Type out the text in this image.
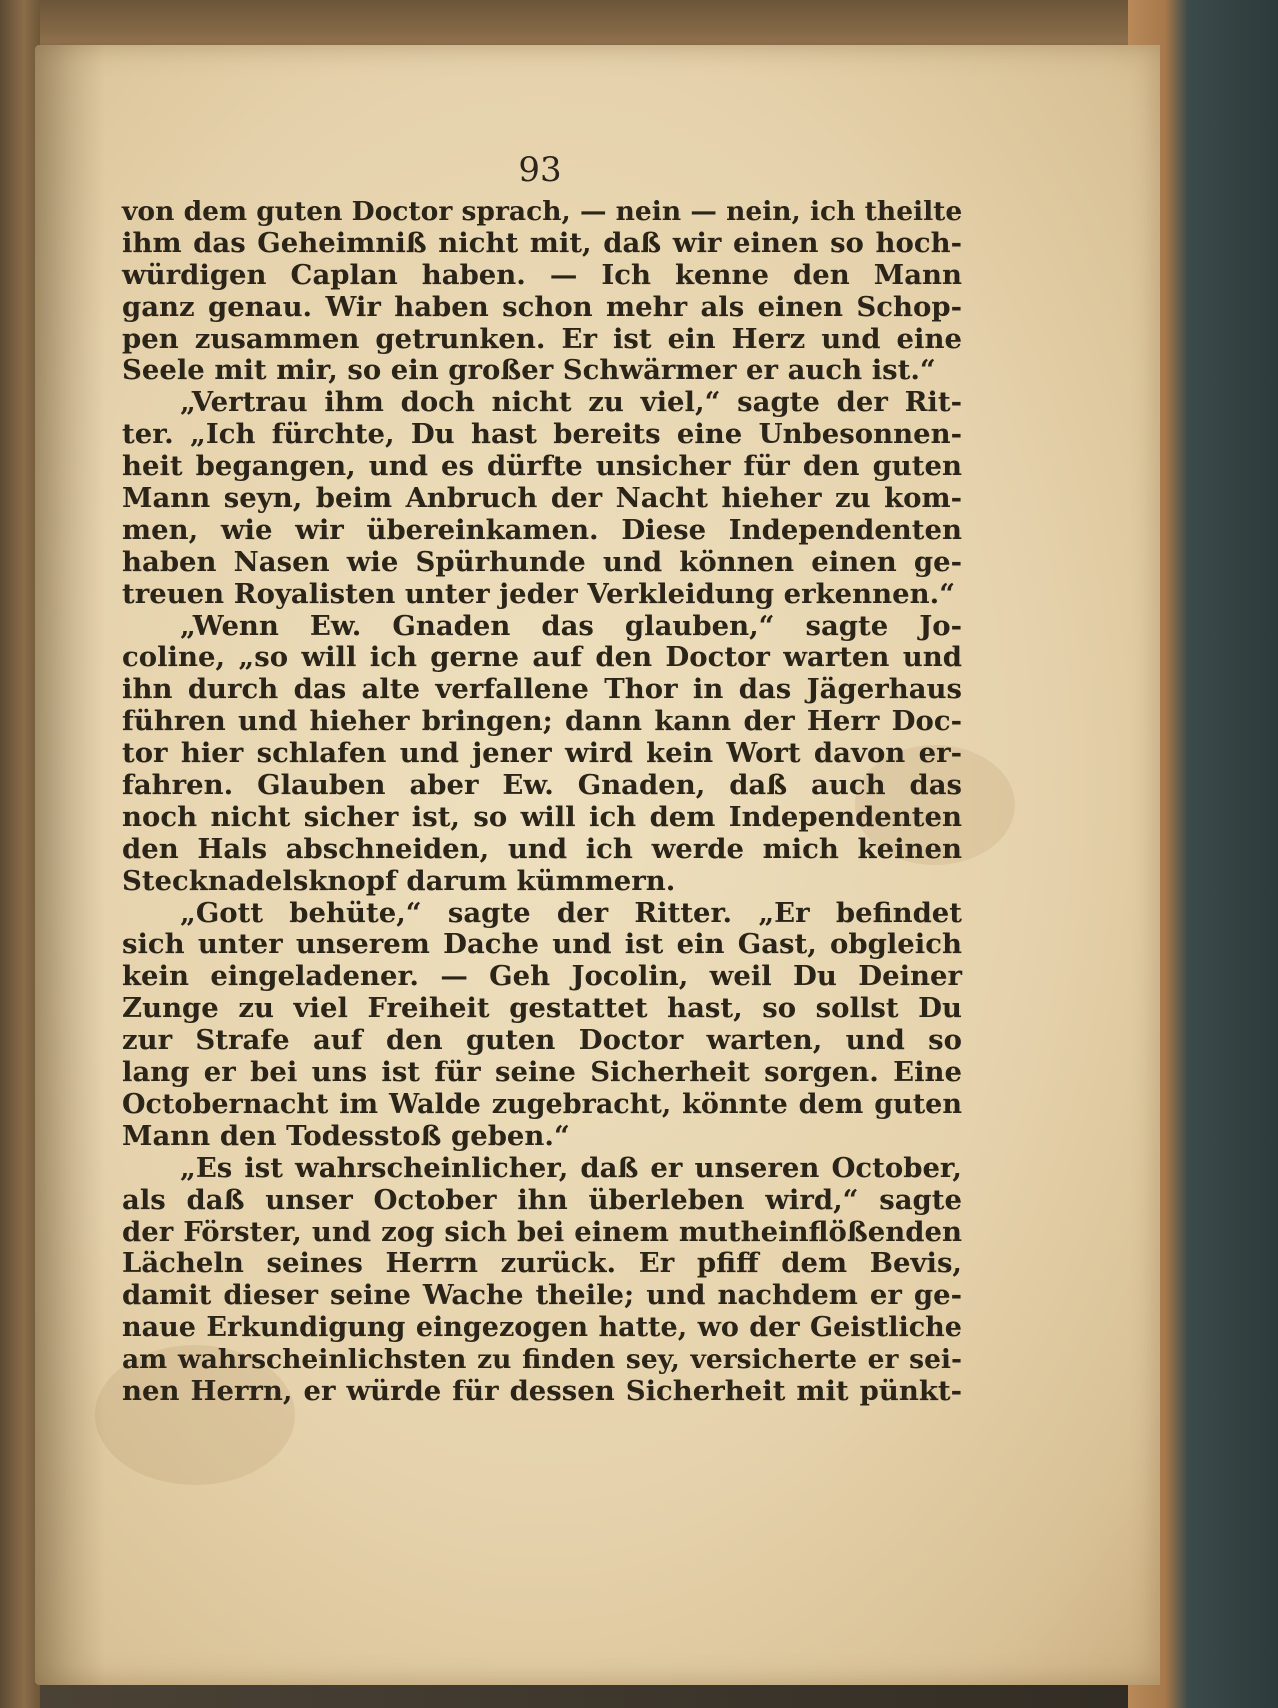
93
von dem guten Doctor sprach, — nein — nein, ich theilte
ihm das Geheimniß nicht mit, daß wir einen so hoch-
würdigen Caplan haben. — Ich kenne den Mann
ganz genau. Wir haben schon mehr als einen Schop-
pen zusammen getrunken. Er ist ein Herz und eine
Seele mit mir, so ein großer Schwärmer er auch ist.“
„Vertrau ihm doch nicht zu viel,“ sagte der Rit-
ter. „Ich fürchte, Du hast bereits eine Unbesonnen-
heit begangen, und es dürfte unsicher für den guten
Mann seyn, beim Anbruch der Nacht hieher zu kom-
men, wie wir übereinkamen. Diese Independenten
haben Nasen wie Spürhunde und können einen ge-
treuen Royalisten unter jeder Verkleidung erkennen.“
„Wenn Ew. Gnaden das glauben,“ sagte Jo-
coline, „so will ich gerne auf den Doctor warten und
ihn durch das alte verfallene Thor in das Jägerhaus
führen und hieher bringen; dann kann der Herr Doc-
tor hier schlafen und jener wird kein Wort davon er-
fahren. Glauben aber Ew. Gnaden, daß auch das
noch nicht sicher ist, so will ich dem Independenten
den Hals abschneiden, und ich werde mich keinen
Stecknadelsknopf darum kümmern.
„Gott behüte,“ sagte der Ritter. „Er befindet
sich unter unserem Dache und ist ein Gast, obgleich
kein eingeladener. — Geh Jocolin, weil Du Deiner
Zunge zu viel Freiheit gestattet hast, so sollst Du
zur Strafe auf den guten Doctor warten, und so
lang er bei uns ist für seine Sicherheit sorgen. Eine
Octobernacht im Walde zugebracht, könnte dem guten
Mann den Todesstoß geben.“
„Es ist wahrscheinlicher, daß er unseren October,
als daß unser October ihn überleben wird,“ sagte
der Förster, und zog sich bei einem mutheinflößenden
Lächeln seines Herrn zurück. Er pfiff dem Bevis,
damit dieser seine Wache theile; und nachdem er ge-
naue Erkundigung eingezogen hatte, wo der Geistliche
am wahrscheinlichsten zu finden sey, versicherte er sei-
nen Herrn, er würde für dessen Sicherheit mit pünkt-
